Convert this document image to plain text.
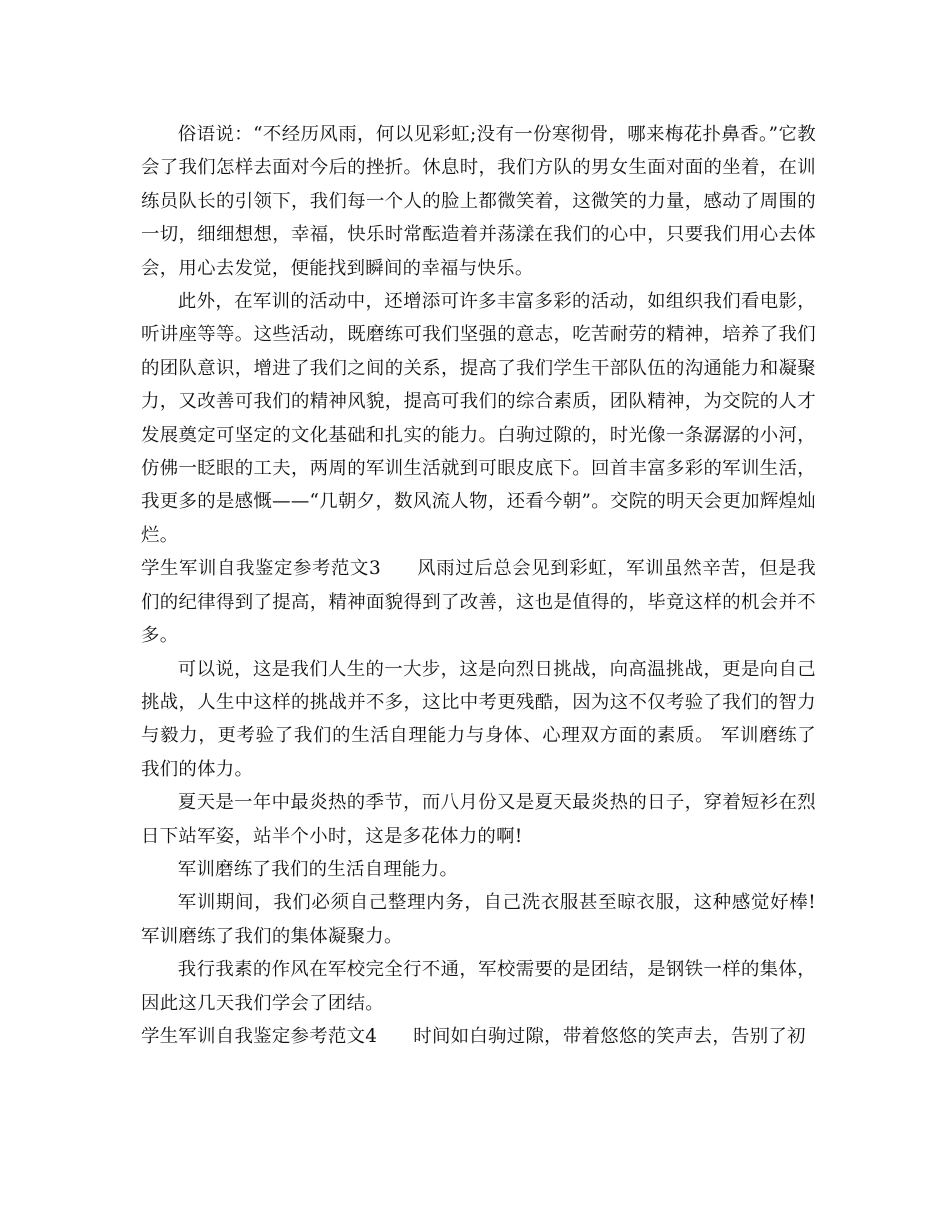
俗语说：“不经历风雨，何以见彩虹;没有一份寒彻骨，哪来梅花扑鼻香。”它教会了我们怎样去面对今后的挫折。休息时，我们方队的男女生面对面的坐着，在训练员队长的引领下，我们每一个人的脸上都微笑着，这微笑的力量，感动了周围的一切，细细想想，幸福，快乐时常酝造着并荡漾在我们的心中，只要我们用心去体会，用心去发觉，便能找到瞬间的幸福与快乐。

此外，在军训的活动中，还增添可许多丰富多彩的活动，如组织我们看电影，听讲座等等。这些活动，既磨练可我们坚强的意志，吃苦耐劳的精神，培养了我们的团队意识，增进了我们之间的关系，提高了我们学生干部队伍的沟通能力和凝聚力，又改善可我们的精神风貌，提高可我们的综合素质，团队精神，为交院的人才发展奠定可坚定的文化基础和扎实的能力。白驹过隙的，时光像一条潺潺的小河，仿佛一眨眼的工夫，两周的军训生活就到可眼皮底下。回首丰富多彩的军训生活，我更多的是感慨——“几朝夕，数风流人物，还看今朝”。交院的明天会更加辉煌灿烂。

学生军训自我鉴定参考范文3 风雨过后总会见到彩虹，军训虽然辛苦，但是我们的纪律得到了提高，精神面貌得到了改善，这也是值得的，毕竟这样的机会并不多。

可以说，这是我们人生的一大步，这是向烈日挑战，向高温挑战，更是向自己挑战，人生中这样的挑战并不多，这比中考更残酷，因为这不仅考验了我们的智力与毅力，更考验了我们的生活自理能力与身体、心理双方面的素质。 军训磨练了我们的体力。

夏天是一年中最炎热的季节，而八月份又是夏天最炎热的日子，穿着短衫在烈日下站军姿，站半个小时，这是多花体力的啊!

军训磨练了我们的生活自理能力。

军训期间，我们必须自己整理内务，自己洗衣服甚至晾衣服，这种感觉好棒!军训磨练了我们的集体凝聚力。

我行我素的作风在军校完全行不通，军校需要的是团结，是钢铁一样的集体，因此这几天我们学会了团结。

学生军训自我鉴定参考范文4 时间如白驹过隙，带着悠悠的笑声去，告别了初
